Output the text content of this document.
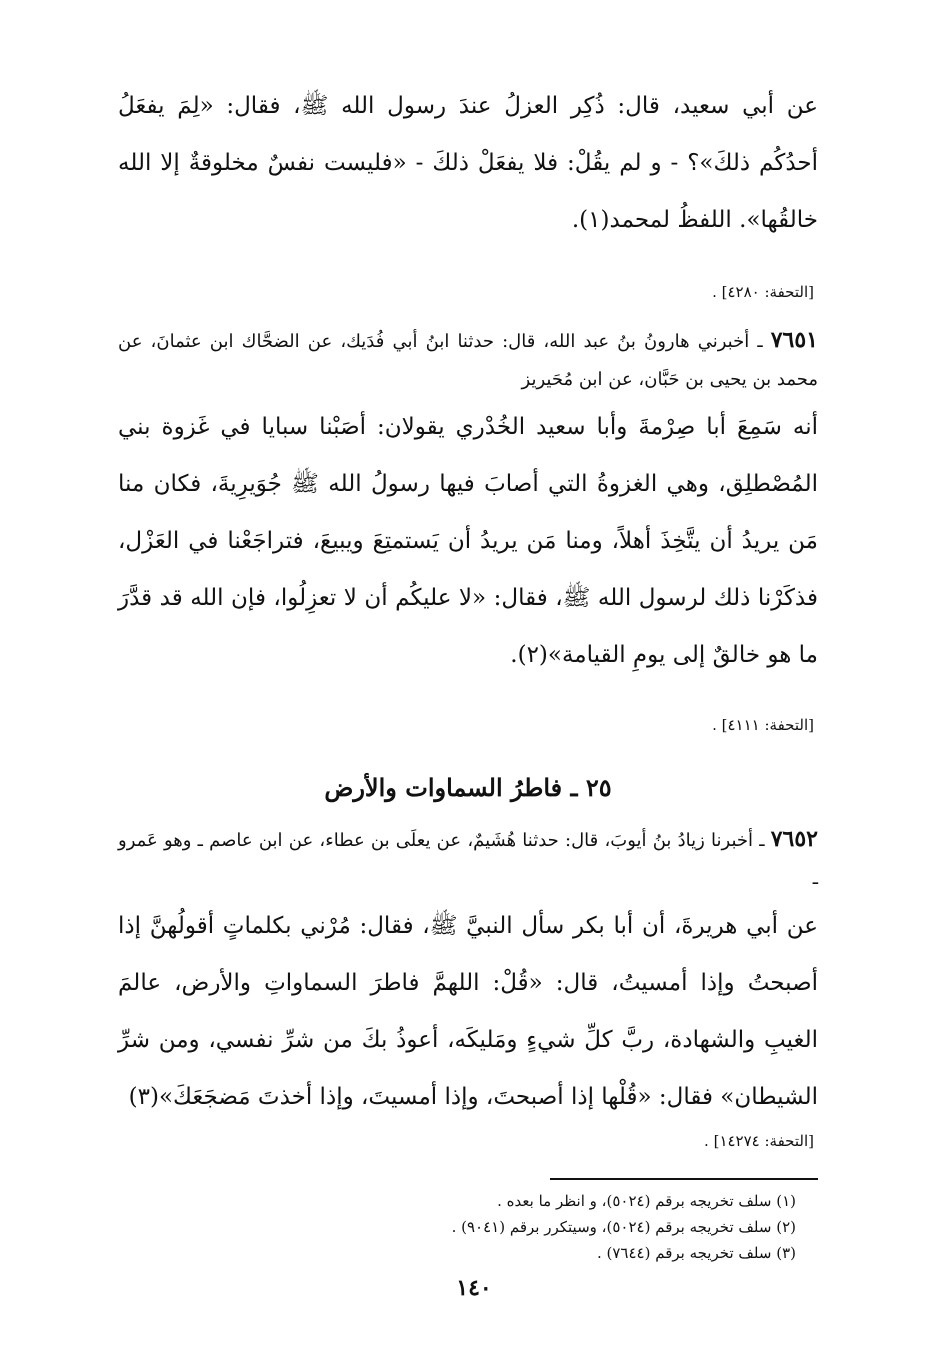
عن أبي سعيد، قال: ذُكِر العزلُ عندَ رسول الله ﷺ، فقال: «لِمَ يفعَلُ أحدُكُم ذلكَ»؟ - و لم يقُلْ: فلا يفعَلْ ذلكَ - «فليست نفسٌ مخلوقةٌ إلا الله خالقُها». اللفظُ لمحمد(١).

[التحفة: ٤٢٨٠] .

٧٦٥١ ـ أخبرني هارونُ بنُ عبد الله، قال: حدثنا ابنُ أبي فُدَيك، عن الضحَّاك ابن عثمانَ، عن محمد بن يحيى بن حَبَّان، عن ابن مُحَيريز

أنه سَمِعَ أبا صِرْمةَ وأبا سعيد الخُدْري يقولان: أصَبْنا سبايا في غَزوة بني المُصْطلِق، وهي الغزوةُ التي أصابَ فيها رسولُ الله ﷺ جُوَيرِيةَ، فكان منا مَن يريدُ أن يتَّخِذَ أهلاً، ومنا مَن يريدُ أن يَستمتِعَ ويبيعَ، فتراجَعْنا في العَزْل، فذكَرْنا ذلك لرسول الله ﷺ، فقال: «لا عليكُم أن لا تعزِلُوا، فإن الله قد قدَّرَ ما هو خالقٌ إلى يومِ القيامة»(٢).

[التحفة: ٤١١١] .

٢٥ ـ فاطرُ السماوات والأرض

٧٦٥٢ ـ أخبرنا زيادُ بنُ أيوبَ، قال: حدثنا هُشَيمٌ، عن يعلَى بن عطاء، عن ابن عاصم ـ وهو عَمرو ـ

عن أبي هريرةَ، أن أبا بكر سأل النبيَّ ﷺ، فقال: مُرْني بكلماتٍ أقولُهنَّ إذا أصبحتُ وإذا أمسيتُ، قال: «قُلْ: اللهمَّ فاطرَ السماواتِ والأرض، عالمَ الغيبِ والشهادة، ربَّ كلِّ شيءٍ ومَليكَه، أعوذُ بكَ من شرِّ نفسي، ومن شرِّ الشيطان» فقال: «قُلْها إذا أصبحتَ، وإذا أمسيتَ، وإذا أخذتَ مَضجَعَكَ»(٣)

[التحفة: ١٤٢٧٤] .

(١) سلف تخريجه برقم (٥٠٢٤)، و انظر ما بعده .

(٢) سلف تخريجه برقم (٥٠٢٤)، وسيتكرر برقم (٩٠٤١) .

(٣) سلف تخريجه برقم (٧٦٤٤) .

١٤٠
